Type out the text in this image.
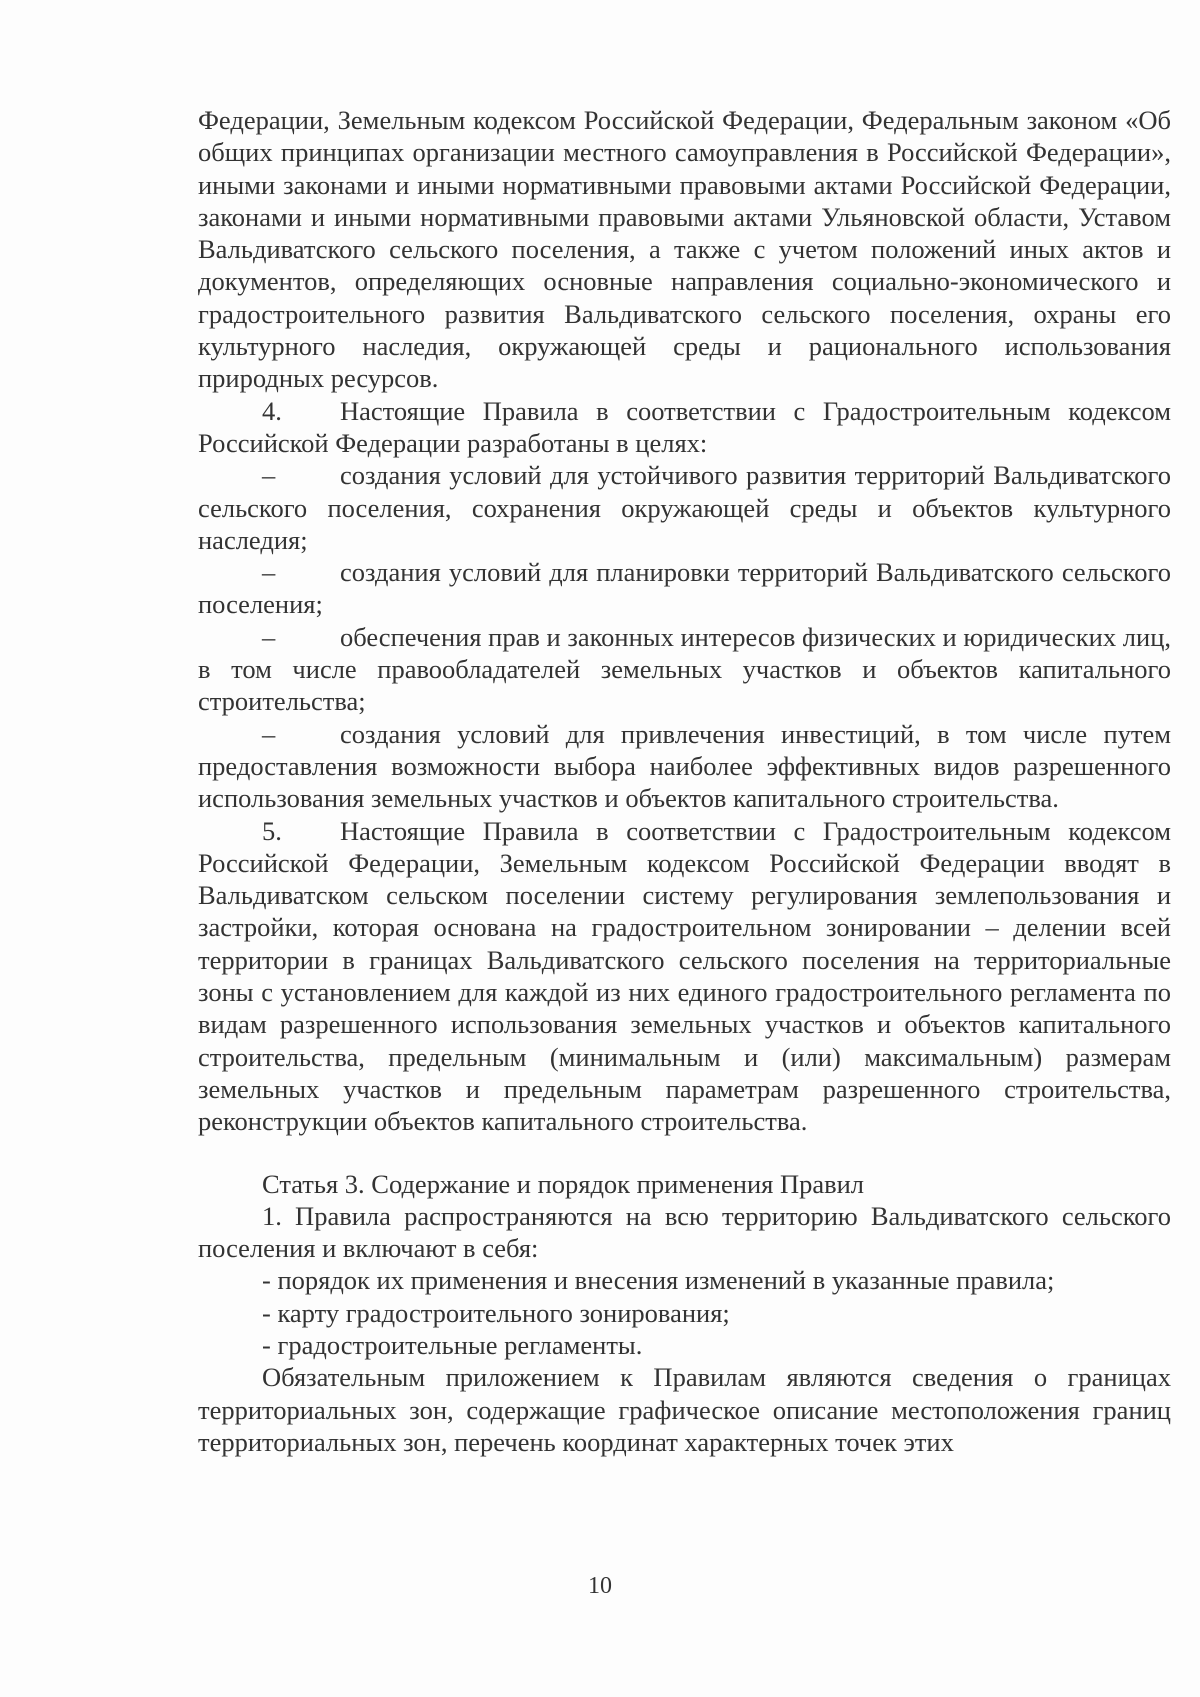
Федерации, Земельным кодексом Российской Федерации, Федеральным законом «Об общих принципах организации местного самоуправления в Российской Федерации», иными законами и иными нормативными правовыми актами Российской Федерации, законами и иными нормативными правовыми актами Ульяновской области, Уставом Вальдиватского сельского поселения, а также с учетом положений иных актов и документов, определяющих основные направления социально-экономического и градостроительного развития Вальдиватского сельского поселения, охраны его культурного наследия, окружающей среды и рационального использования природных ресурсов.

4. Настоящие Правила в соответствии с Градостроительным кодексом Российской Федерации разработаны в целях:

– создания условий для устойчивого развития территорий Вальдиватского сельского поселения, сохранения окружающей среды и объектов культурного наследия;

– создания условий для планировки территорий Вальдиватского сельского поселения;

– обеспечения прав и законных интересов физических и юридических лиц, в том числе правообладателей земельных участков и объектов капитального строительства;

– создания условий для привлечения инвестиций, в том числе путем предоставления возможности выбора наиболее эффективных видов разрешенного использования земельных участков и объектов капитального строительства.

5. Настоящие Правила в соответствии с Градостроительным кодексом Российской Федерации, Земельным кодексом Российской Федерации вводят в Вальдиватском сельском поселении систему регулирования землепользования и застройки, которая основана на градостроительном зонировании – делении всей территории в границах Вальдиватского сельского поселения на территориальные зоны с установлением для каждой из них единого градостроительного регламента по видам разрешенного использования земельных участков и объектов капитального строительства, предельным (минимальным и (или) максимальным) размерам земельных участков и предельным параметрам разрешенного строительства, реконструкции объектов капитального строительства.

Статья 3. Содержание и порядок применения Правил

1. Правила распространяются на всю территорию Вальдиватского сельского поселения и включают в себя:

- порядок их применения и внесения изменений в указанные правила;

- карту градостроительного зонирования;

- градостроительные регламенты.

Обязательным приложением к Правилам являются сведения о границах территориальных зон, содержащие графическое описание местоположения границ территориальных зон, перечень координат характерных точек этих

10
